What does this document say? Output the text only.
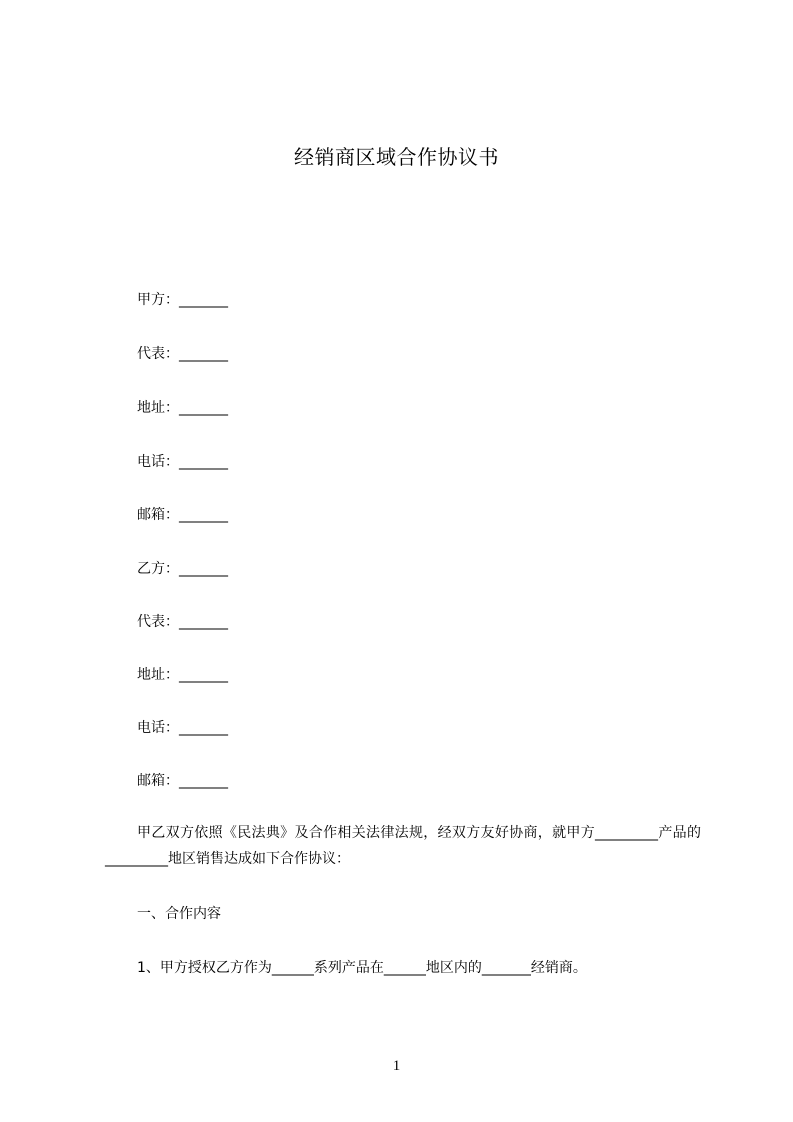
经销商区域合作协议书
甲方：_______
代表：_______
地址：_______
电话：_______
邮箱：_______
乙方：_______
代表：_______
地址：_______
电话：_______
邮箱：_______
甲乙双方依照《民法典》及合作相关法律法规，经双方友好协商，就甲方_________产品的_________地区销售达成如下合作协议：
一、合作内容
1、甲方授权乙方作为______系列产品在______地区内的_______经销商。
1
